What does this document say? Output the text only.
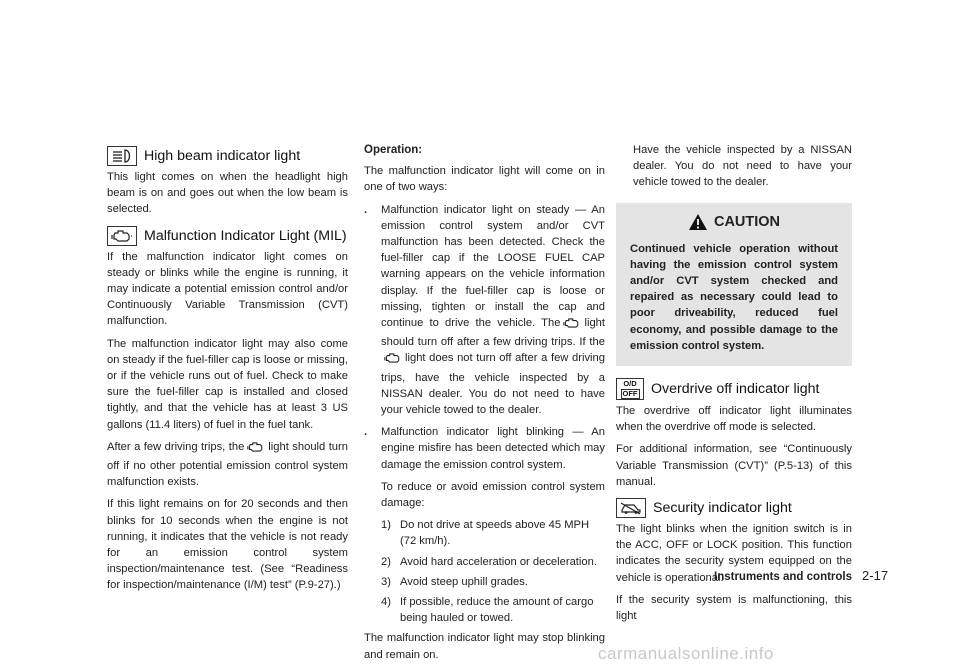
High beam indicator light

This light comes on when the headlight high beam is on and goes out when the low beam is selected.

Malfunction Indicator Light (MIL)

If the malfunction indicator light comes on steady or blinks while the engine is running, it may indicate a potential emission control and/or Continuously Variable Transmission (CVT) malfunction.

The malfunction indicator light may also come on steady if the fuel-filler cap is loose or missing, or if the vehicle runs out of fuel. Check to make sure the fuel-filler cap is installed and closed tightly, and that the vehicle has at least 3 US gallons (11.4 liters) of fuel in the fuel tank.

After a few driving trips, the light should turn off if no other potential emission control system malfunction exists.

If this light remains on for 20 seconds and then blinks for 10 seconds when the engine is not running, it indicates that the vehicle is not ready for an emission control system inspection/maintenance test. (See “Readiness for inspection/maintenance (I/M) test” (P.9-27).)

Operation:

The malfunction indicator light will come on in one of two ways:

.	Malfunction indicator light on steady — An emission control system and/or CVT malfunction has been detected. Check the fuel-filler cap if the LOOSE FUEL CAP warning appears on the vehicle information display. If the fuel-filler cap is loose or missing, tighten or install the cap and continue to drive the vehicle. The light should turn off after a few driving trips. If thelight does not turn off after a few driving trips, have the vehicle inspected by a NISSAN dealer. You do not need to have your vehicle towed to the dealer.
.	Malfunction indicator light blinking — An engine misfire has been detected which may damage the emission control system.

To reduce or avoid emission control system damage:

1) Do not drive at speeds above 45 MPH (72 km/h).
2) Avoid hard acceleration or deceleration.
3) Avoid steep uphill grades.
4) If possible, reduce the amount of cargo being hauled or towed.

The malfunction indicator light may stop blinking and remain on.

Have the vehicle inspected by a NISSAN dealer. You do not need to have your vehicle towed to the dealer.

CAUTION
Continued vehicle operation without having the emission control system and/or CVT system checked and repaired as necessary could lead to poor driveability, reduced fuel economy, and possible damage to the emission control system.
O/D
OFF Overdrive off indicator light

The overdrive off indicator light illuminates when the overdrive off mode is selected.

For additional information, see “Continuously Variable Transmission (CVT)” (P.5-13) of this manual.

Security indicator light

The light blinks when the ignition switch is in the ACC, OFF or LOCK position. This function indicates the security system equipped on the vehicle is operational.

If the security system is malfunctioning, this light

Instruments and controls 2-17
carmanualsonline.info
